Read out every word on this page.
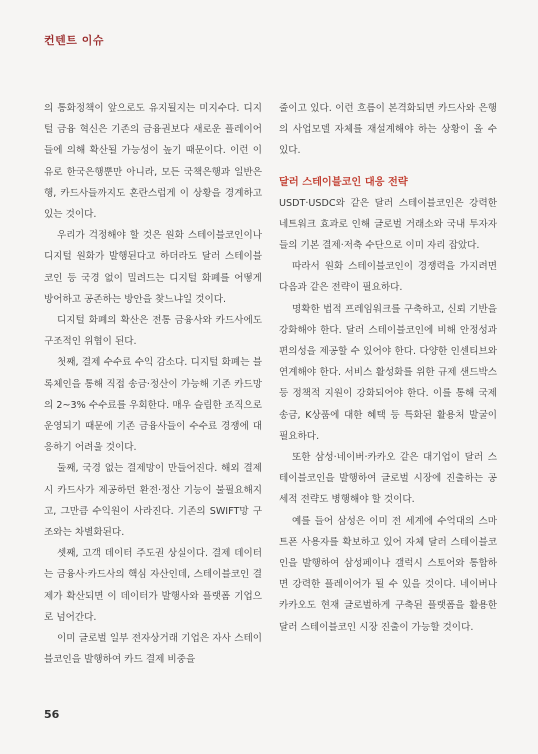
컨텐트 이슈

의 통화정책이 앞으로도 유지될지는 미지수다. 디지털 금융 혁신은 기존의 금융권보다 새로운 플레이어들에 의해 확산될 가능성이 높기 때문이다. 이런 이유로 한국은행뿐만 아니라, 모든 국책은행과 일반은행, 카드사들까지도 혼란스럽게 이 상황을 경계하고 있는 것이다.

우리가 걱정해야 할 것은 원화 스테이블코인이나 디지털 원화가 발행된다고 하더라도 달러 스테이블코인 등 국경 없이 밀려드는 디지털 화폐를 어떻게 방어하고 공존하는 방안을 찾느냐일 것이다.

디지털 화폐의 확산은 전통 금융사와 카드사에도 구조적인 위협이 된다.

첫째, 결제 수수료 수익 감소다. 디지털 화폐는 블록체인을 통해 직접 송금·정산이 가능해 기존 카드망의 2~3% 수수료를 우회한다. 매우 슬림한 조직으로 운영되기 때문에 기존 금융사들이 수수료 경쟁에 대응하기 어려울 것이다.

둘째, 국경 없는 결제망이 만들어진다. 해외 결제 시 카드사가 제공하던 환전·정산 기능이 불필요해지고, 그만큼 수익원이 사라진다. 기존의 SWIFT망 구조와는 차별화된다.

셋째, 고객 데이터 주도권 상실이다. 결제 데이터는 금융사·카드사의 핵심 자산인데, 스테이블코인 결제가 확산되면 이 데이터가 발행사와 플랫폼 기업으로 넘어간다.

이미 글로벌 일부 전자상거래 기업은 자사 스테이블코인을 발행하여 카드 결제 비중을

줄이고 있다. 이런 흐름이 본격화되면 카드사와 은행의 사업모델 자체를 재설계해야 하는 상황이 올 수 있다.

달러 스테이블코인 대응 전략

USDT·USDC와 같은 달러 스테이블코인은 강력한 네트워크 효과로 인해 글로벌 거래소와 국내 투자자들의 기본 결제·저축 수단으로 이미 자리 잡았다.

따라서 원화 스테이블코인이 경쟁력을 가지려면 다음과 같은 전략이 필요하다.

명확한 법적 프레임워크를 구축하고, 신뢰 기반을 강화해야 한다. 달러 스테이블코인에 비해 안정성과 편의성을 제공할 수 있어야 한다. 다양한 인센티브와 연계해야 한다. 서비스 활성화를 위한 규제 샌드박스 등 정책적 지원이 강화되어야 한다. 이를 통해 국제송금, K상품에 대한 혜택 등 특화된 활용처 발굴이 필요하다.

또한 삼성·네이버·카카오 같은 대기업이 달러 스테이블코인을 발행하여 글로벌 시장에 진출하는 공세적 전략도 병행해야 할 것이다.

예를 들어 삼성은 이미 전 세계에 수억대의 스마트폰 사용자를 확보하고 있어 자체 달러 스테이블코인을 발행하여 삼성페이나 갤럭시 스토어와 통합하면 강력한 플레이어가 될 수 있을 것이다. 네이버나 카카오도 현재 글로벌하게 구축된 플랫폼을 활용한 달러 스테이블코인 시장 진출이 가능할 것이다.

56
